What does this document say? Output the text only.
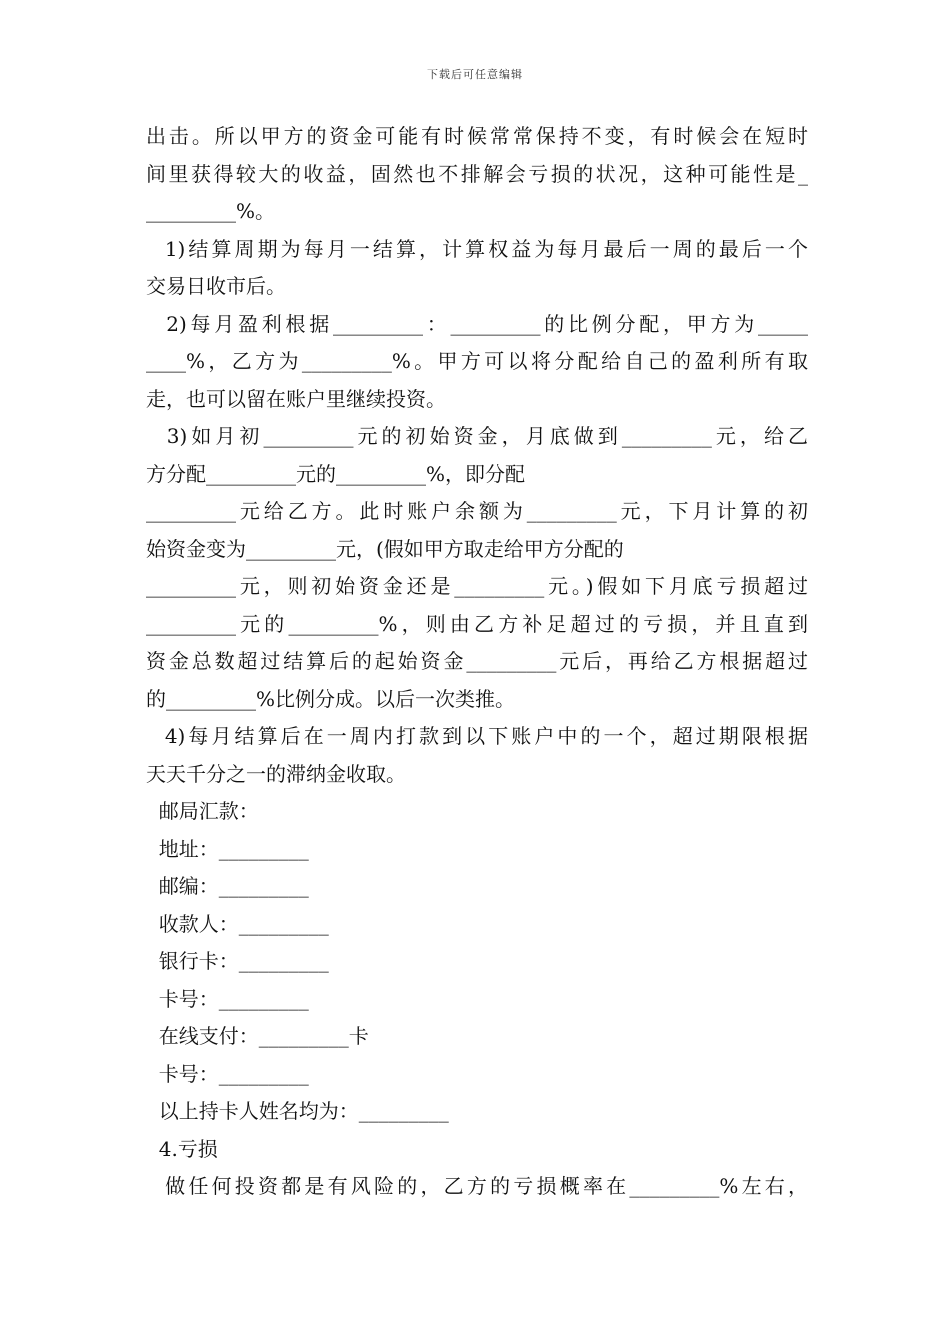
下载后可任意编辑
出击。所以甲方的资金可能有时候常常保持不变，有时候会在短时
间里获得较大的收益，固然也不排解会亏损的状况，这种可能性是_
_________%。
1)结算周期为每月一结算，计算权益为每月最后一周的最后一个
交易日收市后。
2)每月盈利根据_________：_________的比例分配，甲方为_____
____%，乙方为_________%。甲方可以将分配给自己的盈利所有取
走，也可以留在账户里继续投资。
3)如月初_________元的初始资金，月底做到_________元，给乙
方分配_________元的_________%，即分配
_________元给乙方。此时账户余额为_________元，下月计算的初
始资金变为_________元，(假如甲方取走给甲方分配的
_________元，则初始资金还是_________元。)假如下月底亏损超过
_________元的_________%，则由乙方补足超过的亏损，并且直到
资金总数超过结算后的起始资金_________元后，再给乙方根据超过
的_________%比例分成。以后一次类推。
4)每月结算后在一周内打款到以下账户中的一个，超过期限根据
天天千分之一的滞纳金收取。
邮局汇款：
地址：_________
邮编：_________
收款人：_________
银行卡：_________
卡号：_________
在线支付：_________卡
卡号：_________
以上持卡人姓名均为：_________
4.亏损
做任何投资都是有风险的，乙方的亏损概率在_________%左右，
